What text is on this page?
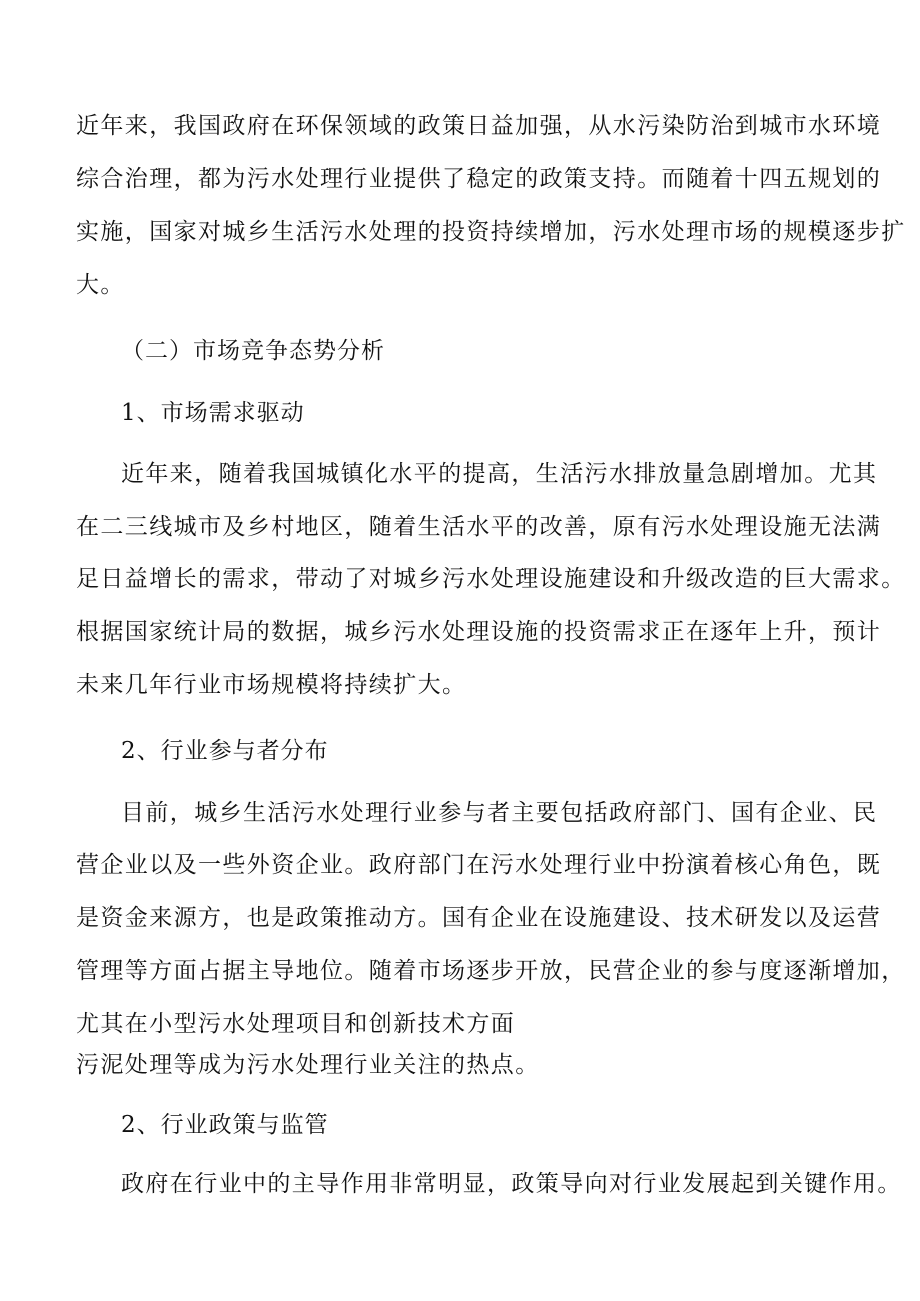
近年来，我国政府在环保领域的政策日益加强，从水污染防治到城市水环境
综合治理，都为污水处理行业提供了稳定的政策支持。而随着十四五规划的
实施，国家对城乡生活污水处理的投资持续增加，污水处理市场的规模逐步扩
大。
（二）市场竞争态势分析
1、市场需求驱动
近年来，随着我国城镇化水平的提高，生活污水排放量急剧增加。尤其
在二三线城市及乡村地区，随着生活水平的改善，原有污水处理设施无法满
足日益增长的需求，带动了对城乡污水处理设施建设和升级改造的巨大需求。
根据国家统计局的数据，城乡污水处理设施的投资需求正在逐年上升，预计
未来几年行业市场规模将持续扩大。
2、行业参与者分布
目前，城乡生活污水处理行业参与者主要包括政府部门、国有企业、民
营企业以及一些外资企业。政府部门在污水处理行业中扮演着核心角色，既
是资金来源方，也是政策推动方。国有企业在设施建设、技术研发以及运营
管理等方面占据主导地位。随着市场逐步开放，民营企业的参与度逐渐增加，
尤其在小型污水处理项目和创新技术方面
污泥处理等成为污水处理行业关注的热点。
2、行业政策与监管
政府在行业中的主导作用非常明显，政策导向对行业发展起到关键作用。
